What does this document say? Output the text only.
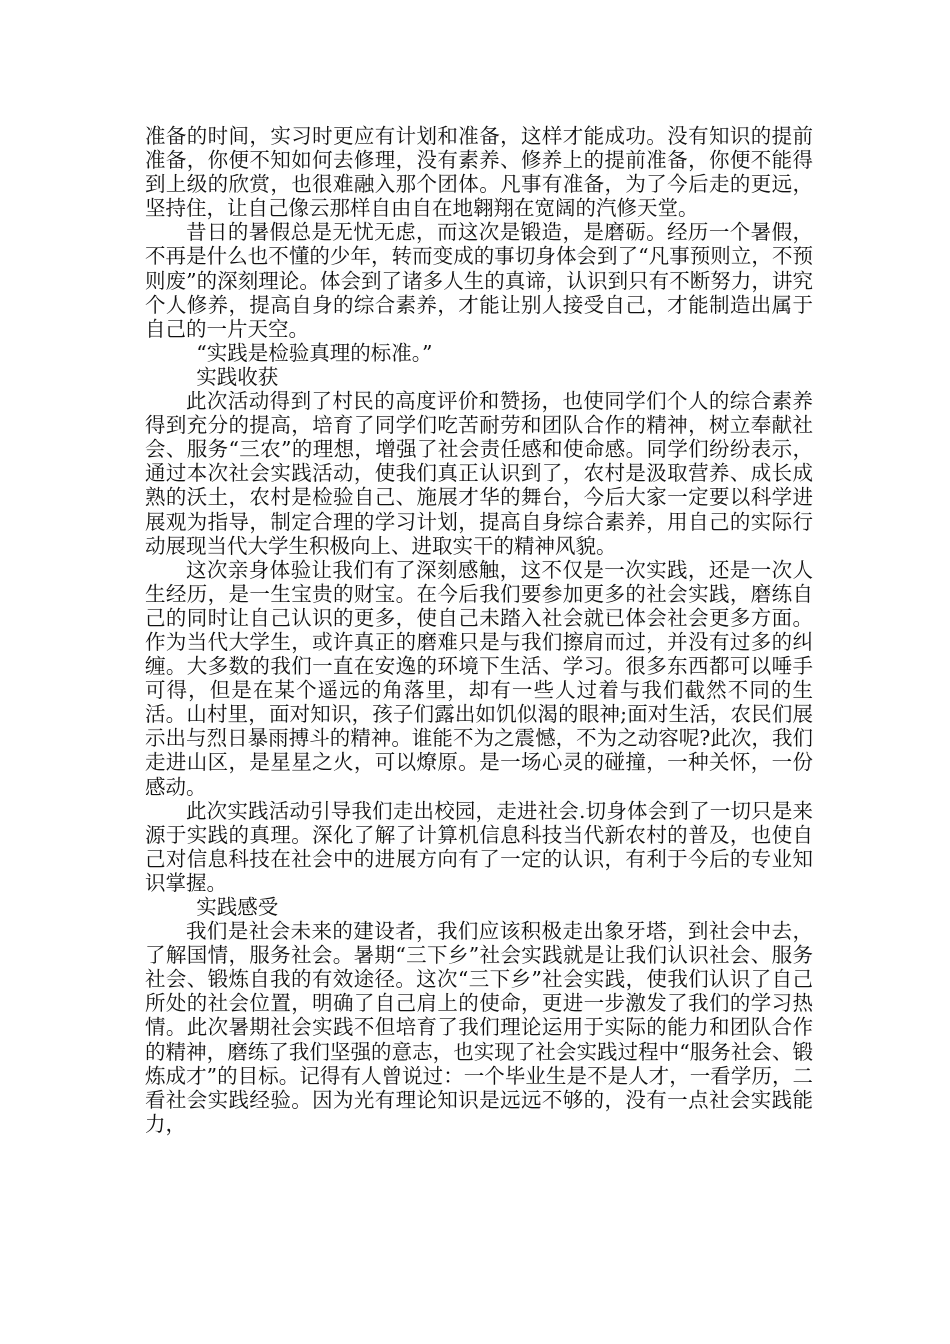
准备的时间，实习时更应有计划和准备，这样才能成功。没有知识的提前准备，你便不知如何去修理，没有素养、修养上的提前准备，你便不能得到上级的欣赏，也很难融入那个团体。凡事有准备，为了今后走的更远，坚持住，让自己像云那样自由自在地翱翔在宽阔的汽修天堂。

昔日的暑假总是无忧无虑，而这次是锻造，是磨砺。经历一个暑假，不再是什么也不懂的少年，转而变成的事切身体会到了“凡事预则立，不预则废”的深刻理论。体会到了诸多人生的真谛，认识到只有不断努力，讲究个人修养，提高自身的综合素养，才能让别人接受自己，才能制造出属于自己的一片天空。

“实践是检验真理的标准。”

实践收获

此次活动得到了村民的高度评价和赞扬，也使同学们个人的综合素养得到充分的提高，培育了同学们吃苦耐劳和团队合作的精神，树立奉献社会、服务“三农”的理想，增强了社会责任感和使命感。同学们纷纷表示，通过本次社会实践活动，使我们真正认识到了，农村是汲取营养、成长成熟的沃土，农村是检验自己、施展才华的舞台，今后大家一定要以科学进展观为指导，制定合理的学习计划，提高自身综合素养，用自己的实际行动展现当代大学生积极向上、进取实干的精神风貌。

这次亲身体验让我们有了深刻感触，这不仅是一次实践，还是一次人生经历，是一生宝贵的财宝。在今后我们要参加更多的社会实践，磨练自己的同时让自己认识的更多，使自己未踏入社会就已体会社会更多方面。作为当代大学生，或许真正的磨难只是与我们擦肩而过，并没有过多的纠缠。大多数的我们一直在安逸的环境下生活、学习。很多东西都可以唾手可得，但是在某个遥远的角落里，却有一些人过着与我们截然不同的生活。山村里，面对知识，孩子们露出如饥似渴的眼神;面对生活，农民们展示出与烈日暴雨搏斗的精神。谁能不为之震憾，不为之动容呢?此次，我们走进山区，是星星之火，可以燎原。是一场心灵的碰撞，一种关怀，一份感动。

此次实践活动引导我们走出校园，走进社会.切身体会到了一切只是来源于实践的真理。深化了解了计算机信息科技当代新农村的普及，也使自己对信息科技在社会中的进展方向有了一定的认识，有利于今后的专业知识掌握。

实践感受

我们是社会未来的建设者，我们应该积极走出象牙塔，到社会中去，了解国情，服务社会。暑期“三下乡”社会实践就是让我们认识社会、服务社会、锻炼自我的有效途径。这次“三下乡”社会实践，使我们认识了自己所处的社会位置，明确了自己肩上的使命，更进一步激发了我们的学习热情。此次暑期社会实践不但培育了我们理论运用于实际的能力和团队合作的精神，磨练了我们坚强的意志，也实现了社会实践过程中“服务社会、锻炼成才”的目标。记得有人曾说过：一个毕业生是不是人才，一看学历，二看社会实践经验。因为光有理论知识是远远不够的，没有一点社会实践能力，
